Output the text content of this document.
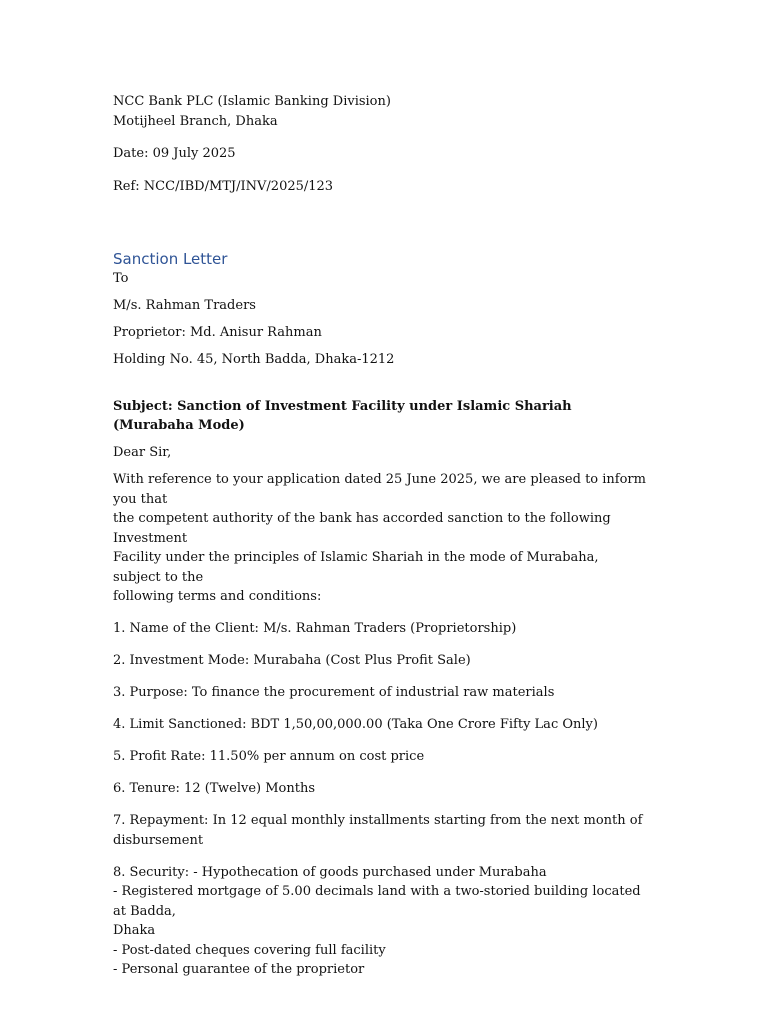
NCC Bank PLC (Islamic Banking Division)
Motijheel Branch, Dhaka

Date: 09 July 2025

Ref: NCC/IBD/MTJ/INV/2025/123

Sanction Letter

To

M/s. Rahman Traders

Proprietor: Md. Anisur Rahman

Holding No. 45, North Badda, Dhaka-1212

Subject: Sanction of Investment Facility under Islamic Shariah (Murabaha Mode)

Dear Sir,

With reference to your application dated 25 June 2025, we are pleased to inform you that
the competent authority of the bank has accorded sanction to the following Investment
Facility under the principles of Islamic Shariah in the mode of Murabaha, subject to the
following terms and conditions:

1. Name of the Client: M/s. Rahman Traders (Proprietorship)

2. Investment Mode: Murabaha (Cost Plus Profit Sale)

3. Purpose: To finance the procurement of industrial raw materials

4. Limit Sanctioned: BDT 1,50,00,000.00 (Taka One Crore Fifty Lac Only)

5. Profit Rate: 11.50% per annum on cost price

6. Tenure: 12 (Twelve) Months

7. Repayment: In 12 equal monthly installments starting from the next month of
disbursement

8. Security: - Hypothecation of goods purchased under Murabaha
- Registered mortgage of 5.00 decimals land with a two-storied building located at Badda,
Dhaka
- Post-dated cheques covering full facility
- Personal guarantee of the proprietor
